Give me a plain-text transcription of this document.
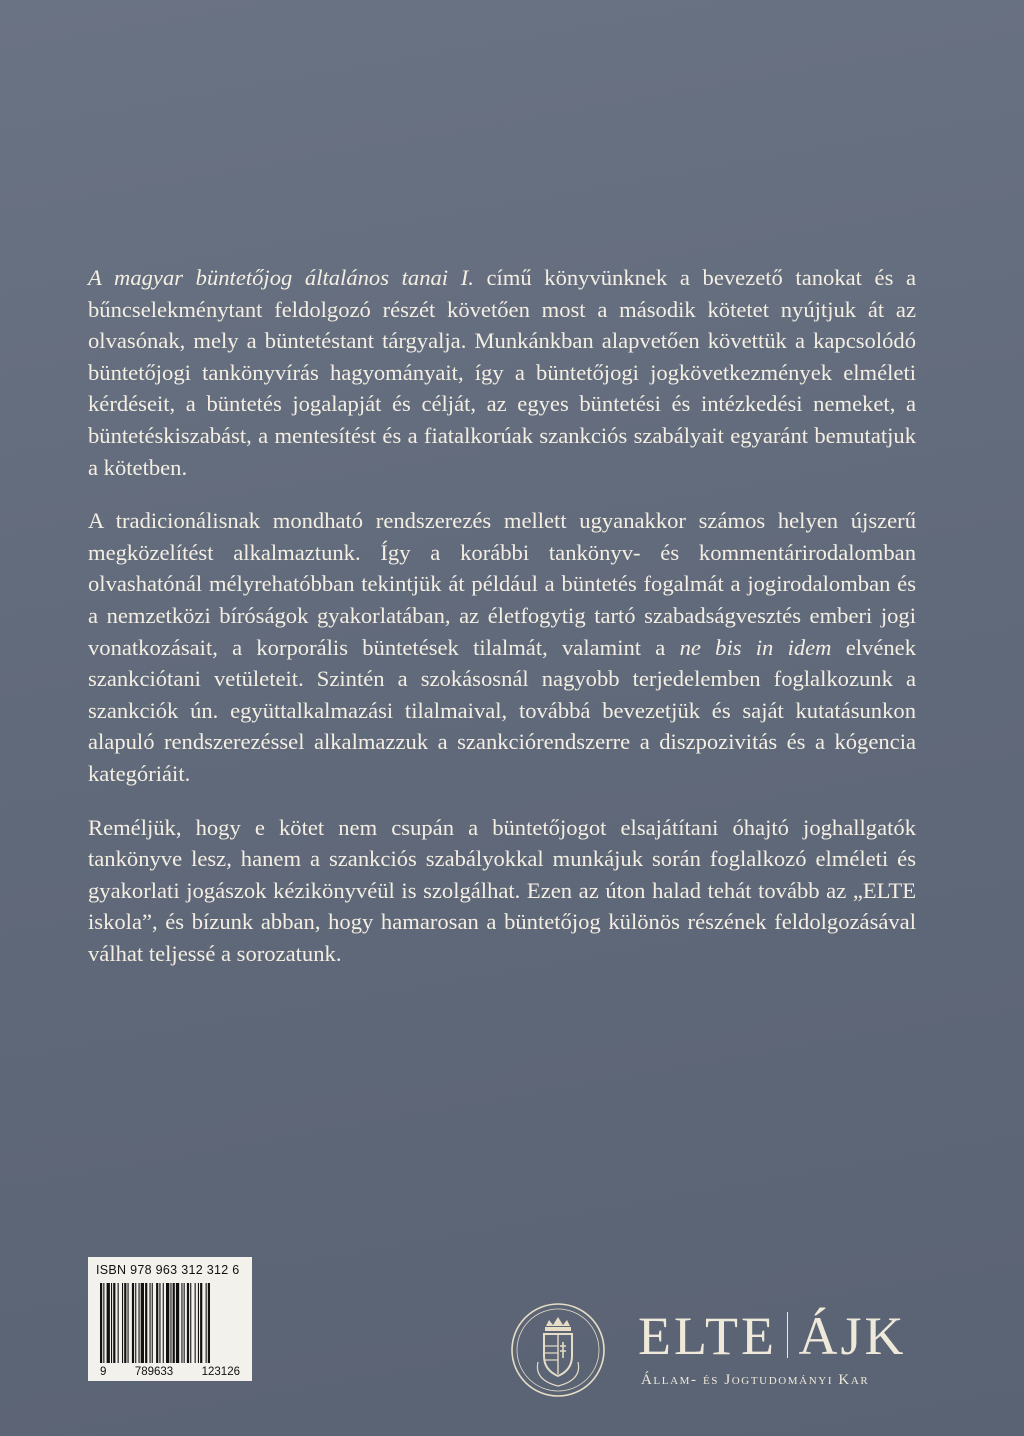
A magyar büntetőjog általános tanai I. című könyvünknek a bevezető tanokat és a bűncselekménytant feldolgozó részét követően most a második kötetet nyújtjuk át az olvasónak, mely a büntetéstant tárgyalja. Munkánkban alapvetően követtük a kapcsolódó büntetőjogi tankönyvírás hagyományait, így a büntetőjogi jogkövetkezmények elméleti kérdéseit, a büntetés jogalapját és célját, az egyes büntetési és intézkedési nemeket, a büntetéskiszabást, a mentesítést és a fiatalkorúak szankciós szabályait egyaránt bemutatjuk a kötetben.

A tradicionálisnak mondható rendszerezés mellett ugyanakkor számos helyen újszerű megközelítést alkalmaztunk. Így a korábbi tankönyv- és kommentárirodalomban olvashatónál mélyrehatóbban tekintjük át például a büntetés fogalmát a jogirodalomban és a nemzetközi bíróságok gyakorlatában, az életfogytig tartó szabadságvesztés emberi jogi vonatkozásait, a korporális büntetések tilalmát, valamint a ne bis in idem elvének szankciótani vetületeit. Szintén a szokásosnál nagyobb terjedelemben foglalkozunk a szankciók ún. együttalkalmazási tilalmaival, továbbá bevezetjük és saját kutatásunkon alapuló rendszerezéssel alkalmazzuk a szankciórendszerre a diszpozivitás és a kógencia kategóriáit.

Reméljük, hogy e kötet nem csupán a büntetőjogot elsajátítani óhajtó joghallgatók tankönyve lesz, hanem a szankciós szabályokkal munkájuk során foglalkozó elméleti és gyakorlati jogászok kézikönyvéül is szolgálhat. Ezen az úton halad tehát tovább az „ELTE iskola”, és bízunk abban, hogy hamarosan a büntetőjog különös részének feldolgozásával válhat teljessé a sorozatunk.

ISBN 978 963 312 312 6
9 789633 123126
ELTE ÁJK
Állam- és Jogtudományi Kar
